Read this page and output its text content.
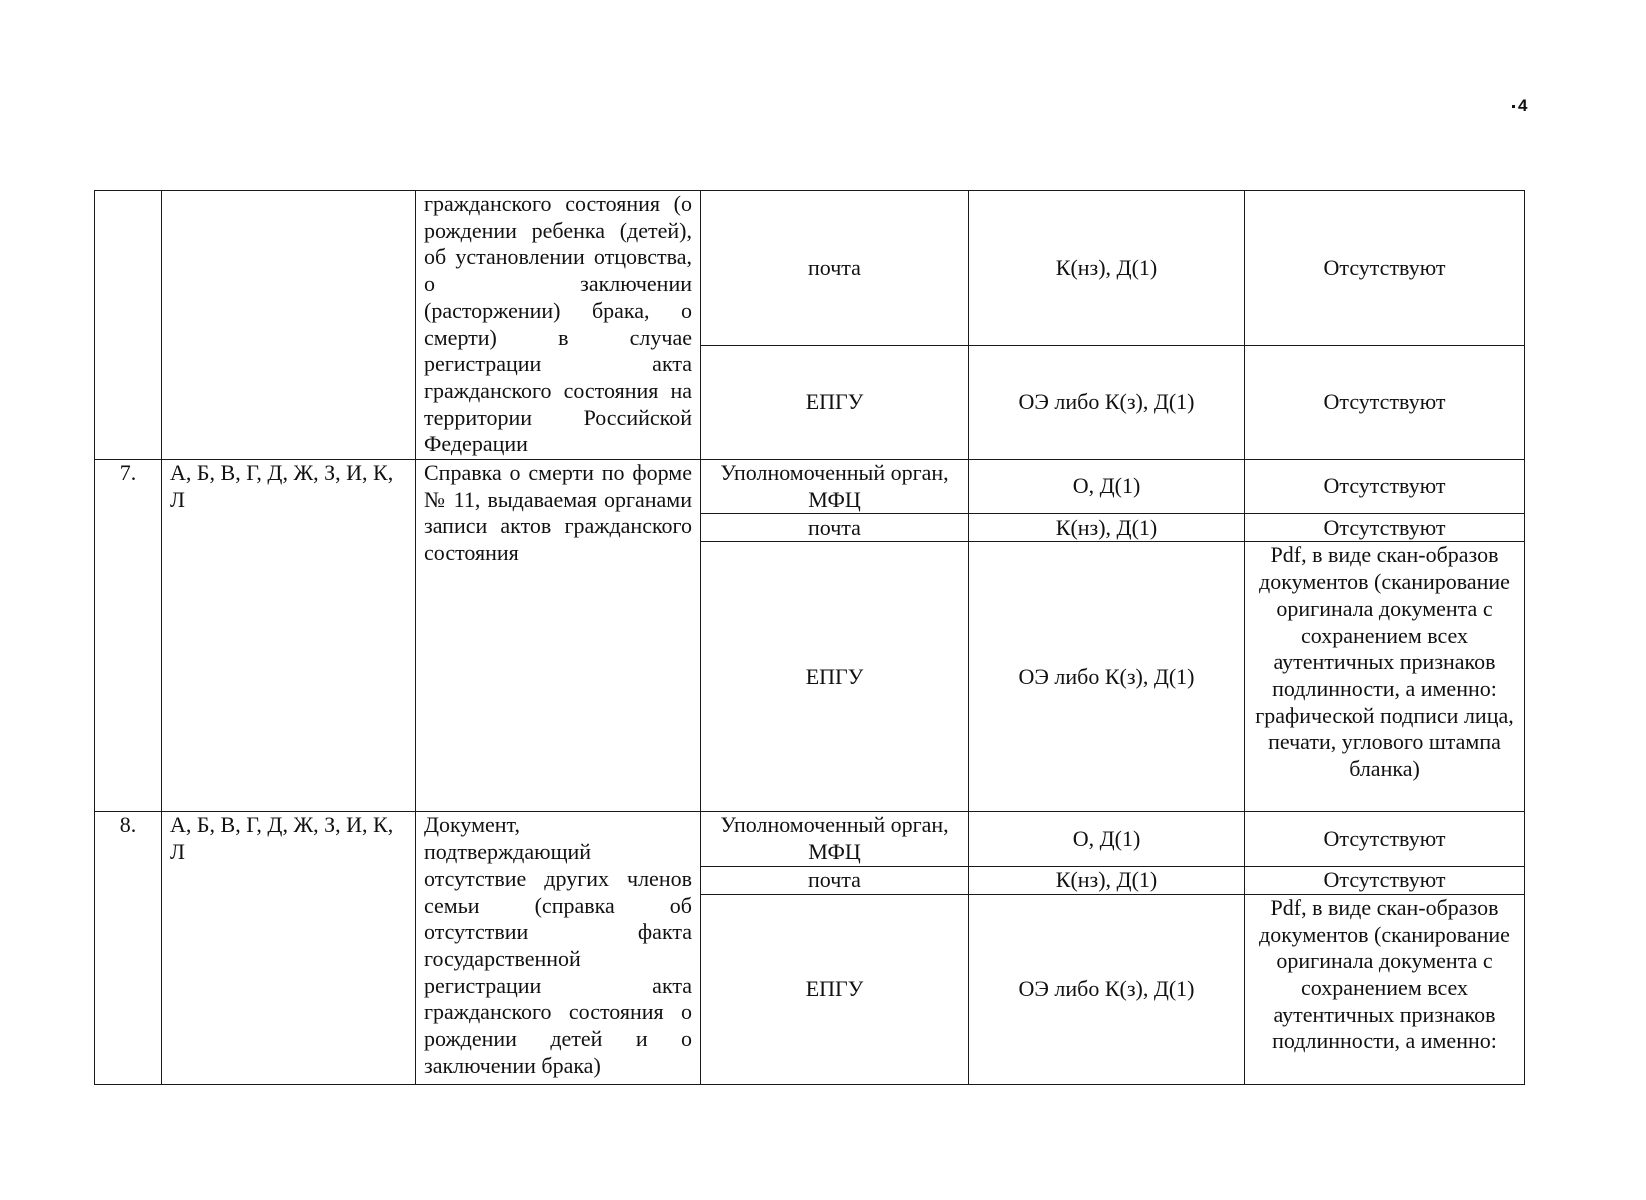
4
		гражданского состояния (о рождении ребенка (детей), об установлении отцовства, о заключении (расторжении) брака, о смерти) в случае регистрации акта гражданского состояния на территории Российской Федерации	почта	К(нз), Д(1)	Отсутствуют
			ЕПГУ	ОЭ либо К(з), Д(1)	Отсутствуют
7.	А, Б, В, Г, Д, Ж, З, И, К, Л	Справка о смерти по форме № 11, выдаваемая органами записи актов гражданского состояния	Уполномоченный орган, МФЦ	О, Д(1)	Отсутствуют
			почта	К(нз), Д(1)	Отсутствуют
			ЕПГУ	ОЭ либо К(з), Д(1)	Pdf, в виде скан-образов документов (сканирование оригинала документа с сохранением всех аутентичных признаков подлинности, а именно: графической подписи лица, печати, углового штампа бланка)
8.	А, Б, В, Г, Д, Ж, З, И, К, Л	Документ, подтверждающий отсутствие других членов семьи (справка об отсутствии факта государственной регистрации акта гражданского состояния о рождении детей и о заключении брака)	Уполномоченный орган, МФЦ	О, Д(1)	Отсутствуют
			почта	К(нз), Д(1)	Отсутствуют
			ЕПГУ	ОЭ либо К(з), Д(1)	Pdf, в виде скан-образов документов (сканирование оригинала документа с сохранением всех аутентичных признаков подлинности, а именно:
